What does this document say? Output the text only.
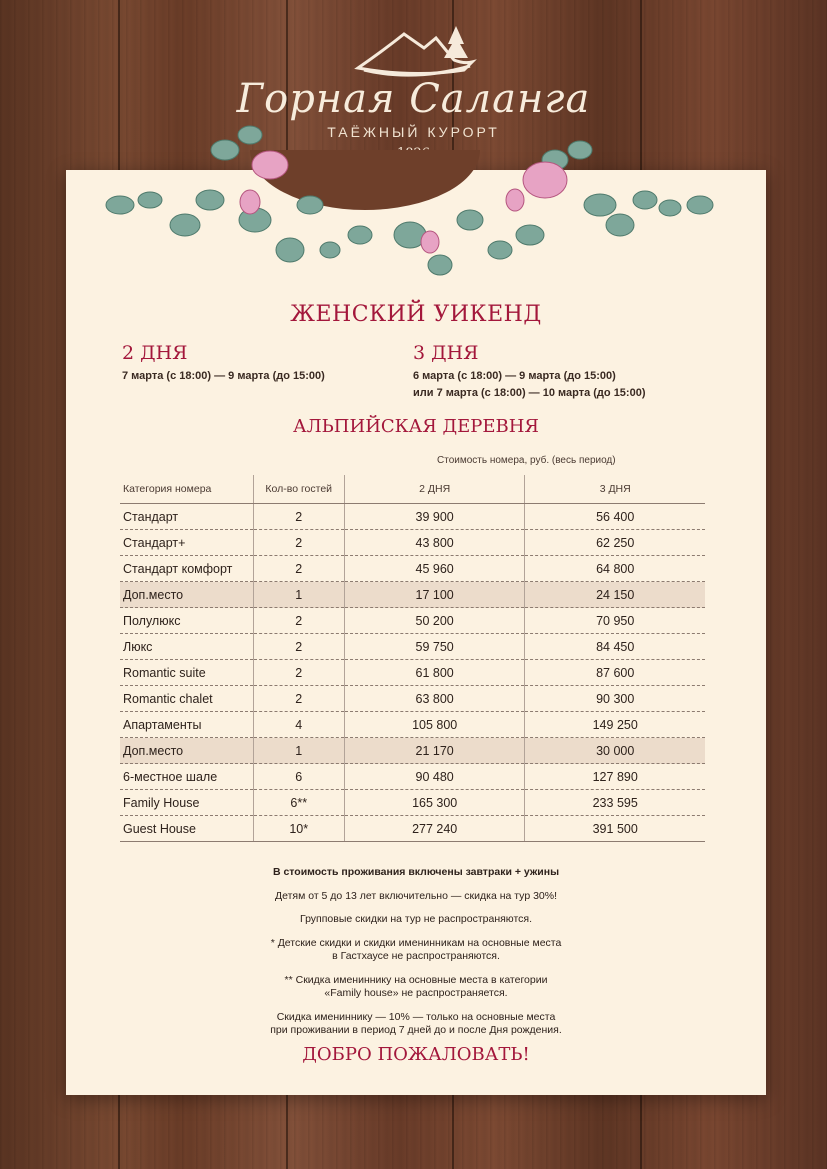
Горная Саланга
ТАЁЖНЫЙ КУРОРТ
ЖЕНСКИЙ УИКЕНД
2 ДНЯ

7 марта (с 18:00) — 9 марта (до 15:00)

3 ДНЯ

6 марта (с 18:00) — 9 марта (до 15:00)
или 7 марта (с 18:00) — 10 марта (до 15:00)

АЛЬПИЙСКАЯ ДЕРЕВНЯ
Стоимость номера, руб. (весь период)
Категория номера	Кол-во гостей	2 ДНЯ	3 ДНЯ
Стандарт	2	39 900	56 400
Стандарт+	2	43 800	62 250
Стандарт комфорт	2	45 960	64 800
Доп.место	1	17 100	24 150
Полулюкс	2	50 200	70 950
Люкс	2	59 750	84 450
Romantic suite	2	61 800	87 600
Romantic chalet	2	63 800	90 300
Апартаменты	4	105 800	149 250
Доп.место	1	21 170	30 000
6-местное шале	6	90 480	127 890
Family House	6**	165 300	233 595
Guest House	10*	277 240	391 500
В стоимость проживания включены завтраки + ужины
Детям от 5 до 13 лет включительно — скидка на тур 30%!
Групповые скидки на тур не распространяются.
* Детские скидки и скидки именинникам на основные места
в Гастхаусе не распространяются.
** Скидка имениннику на основные места в категории
«Family house» не распространяется.
Скидка имениннику — 10% — только на основные места
при проживании в период 7 дней до и после Дня рождения.
ДОБРО ПОЖАЛОВАТЬ!
